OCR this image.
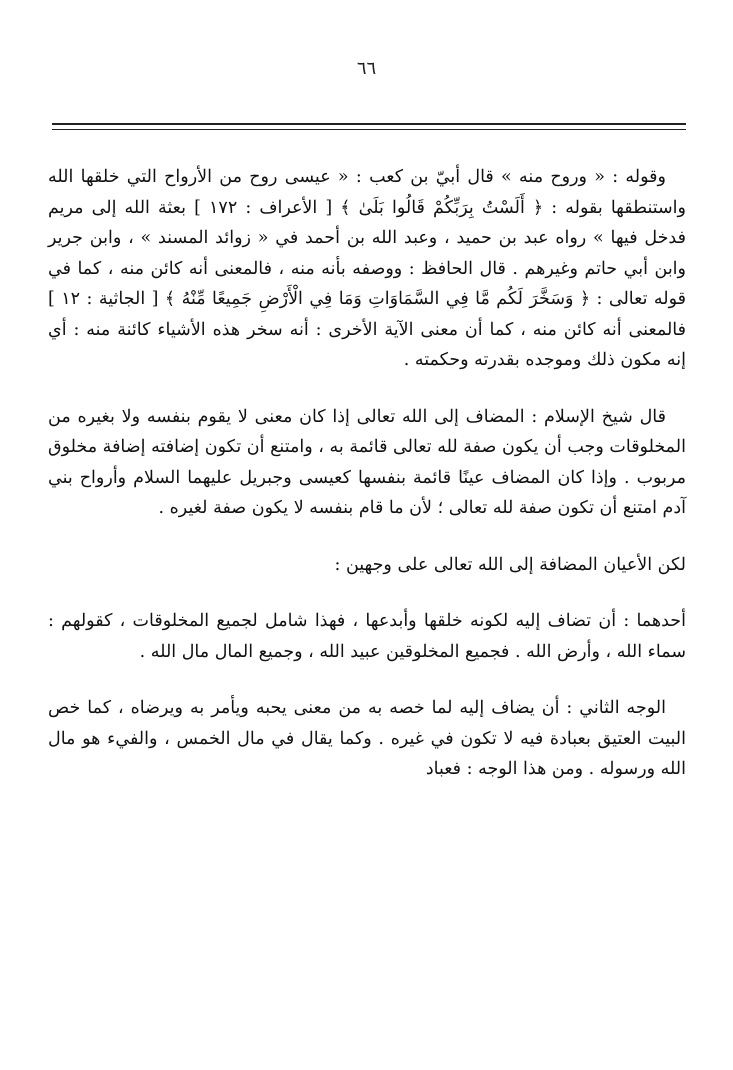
٦٦

وقوله : « وروح منه » قال أبيّ بن كعب : « عيسى روح من الأرواح التي خلقها الله واستنطقها بقوله : ﴿ أَلَسْتُ بِرَبِّكُمْ قَالُوا بَلَىٰ ﴾ [ الأعراف : ١٧٢ ] بعثة الله إلى مريم فدخل فيها » رواه عبد بن حميد ، وعبد الله بن أحمد في « زوائد المسند » ، وابن جرير وابن أبي حاتم وغيرهم . قال الحافظ : ووصفه بأنه منه ، فالمعنى أنه كائن منه ، كما في قوله تعالى : ﴿ وَسَخَّرَ لَكُم مَّا فِي السَّمَاوَاتِ وَمَا فِي الْأَرْضِ جَمِيعًا مِّنْهُ ﴾ [ الجاثية : ١٢ ] فالمعنى أنه كائن منه ، كما أن معنى الآية الأخرى : أنه سخر هذه الأشياء كائنة منه : أي إنه مكون ذلك وموجده بقدرته وحكمته .

قال شيخ الإسلام : المضاف إلى الله تعالى إذا كان معنى لا يقوم بنفسه ولا بغيره من المخلوقات وجب أن يكون صفة لله تعالى قائمة به ، وامتنع أن تكون إضافته إضافة مخلوق مربوب . وإذا كان المضاف عينًا قائمة بنفسها كعيسى وجبريل عليهما السلام وأرواح بني آدم امتنع أن تكون صفة لله تعالى ؛ لأن ما قام بنفسه لا يكون صفة لغيره .

لكن الأعيان المضافة إلى الله تعالى على وجهين :

أحدهما : أن تضاف إليه لكونه خلقها وأبدعها ، فهذا شامل لجميع المخلوقات ، كقولهم : سماء الله ، وأرض الله . فجميع المخلوقين عبيد الله ، وجميع المال مال الله .

الوجه الثاني : أن يضاف إليه لما خصه به من معنى يحبه ويأمر به ويرضاه ، كما خص البيت العتيق بعبادة فيه لا تكون في غيره . وكما يقال في مال الخمس ، والفيء هو مال الله ورسوله . ومن هذا الوجه : فعباد
